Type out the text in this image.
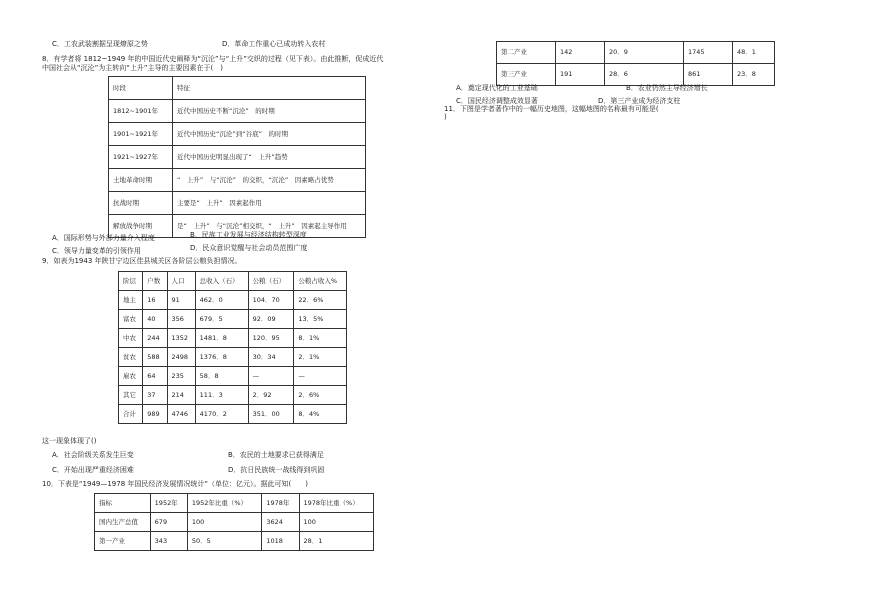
C．工农武装割据呈现燎原之势	D．革命工作重心已成功转入农村
8．有学者将 1812~1949 年的中国近代史阐释为“沉沦”与“上升”交织的过程（见下表）。由此推断，促成近代
中国社会从“沉沦”为主转向“上升”主导的主要因素在于(　)
时段	特征
1812~1901年	近代中国历史不断“沉沦”　的时期
1901~1921年	近代中国历史“沉沦”到“谷底”　的时期
1921~1927年	近代中国历史明显出现了“　上升”趋势
土地革命时期	“　上升”　与“沉沦”　的交织，“沉沦”　因素略占优势
抗战时期	主要是“　上升”　因素起作用
解放战争时期	是“　上升”　与“沉沦”相交织，“　上升”　因素起主导作用
A．国际形势与外部力量介入程度	B．民族工业发展与经济结构转型深度
C．领导力量变革的引领作用	D．民众意识觉醒与社会动员范围广度
9．如表为1943 年陕甘宁边区佳县城关区各阶层公粮负担情况。
阶层	户数	人口	总收入（石）	公粮（石）	公粮占收入%
地主	16	91	462．0	104．70	22．6%
富农	40	356	679．5	92．09	13．5%
中农	244	1352	1481．8	120．95	8．1%
贫农	588	2498	1376．8	30．34	2．1%
雇农	64	235	58．8	—	—
其它	37	214	111．3	2．92	2．6%
合计	989	4746	4170．2	351．00	8．4%
这一现象体现了()
A．社会阶级关系发生巨变	B．农民的土地要求已获得满足
C．开始出现严重经济困难	D．抗日民族统一战线得到巩固
10．下表是“1949—1978 年国民经济发展情况统计”（单位：亿元）。据此可知(　　)
指标	1952年	1952年比重（%）	1978年	1978年比重（%）
国内生产总值	679	100	3624	100
第一产业	343	50．5	1018	28．1
第二产业	142	20．9	1745	48．1
第三产业	191	28．6	861	23．8
A．奠定现代化的工业基础	B．农业仍然主导经济增长
C．国民经济调整成效显著	D．第三产业成为经济支柱
11．下图是学者著作中的一幅历史地图，这幅地图的名称最有可能是(
)
